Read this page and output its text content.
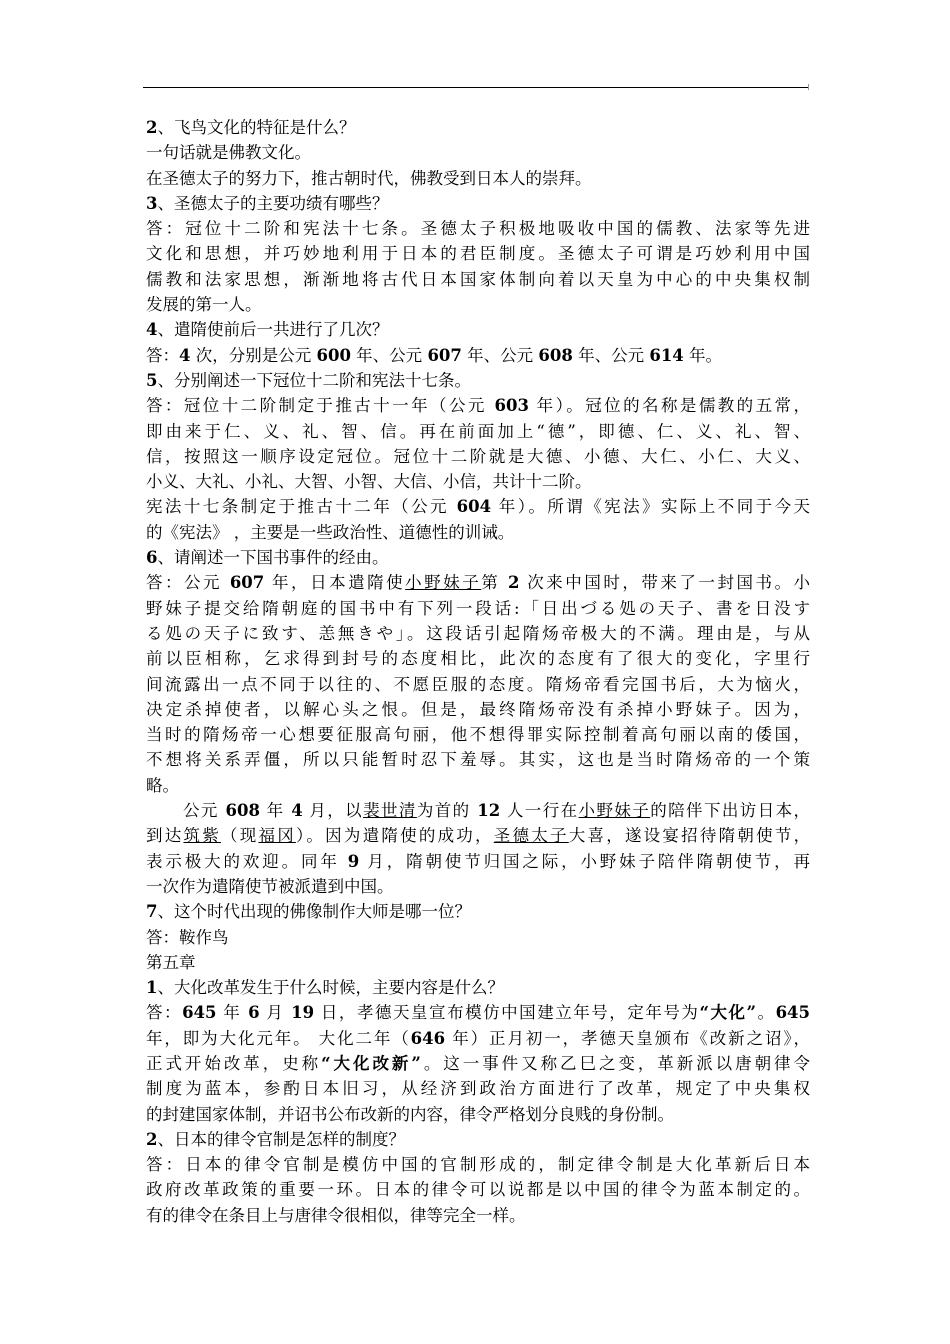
2、飞鸟文化的特征是什么？
一句话就是佛教文化。
在圣德太子的努力下，推古朝时代，佛教受到日本人的崇拜。
3、圣德太子的主要功绩有哪些？
答：冠位十二阶和宪法十七条。圣德太子积极地吸收中国的儒教、法家等先进
文化和思想，并巧妙地利用于日本的君臣制度。圣德太子可谓是巧妙利用中国
儒教和法家思想，渐渐地将古代日本国家体制向着以天皇为中心的中央集权制
发展的第一人。
4、遣隋使前后一共进行了几次？
答：4 次，分别是公元 600 年、公元 607 年、公元 608 年、公元 614 年。
5、分别阐述一下冠位十二阶和宪法十七条。
答：冠位十二阶制定于推古十一年（公元 603 年）。冠位的名称是儒教的五常，
即由来于仁、义、礼、智、信。再在前面加上“德”，即德、仁、义、礼、智、
信，按照这一顺序设定冠位。冠位十二阶就是大德、小德、大仁、小仁、大义、
小义、大礼、小礼、大智、小智、大信、小信，共计十二阶。
宪法十七条制定于推古十二年（公元 604 年）。所谓《宪法》实际上不同于今天
的《宪法》 ，主要是一些政治性、道德性的训诫。
6、请阐述一下国书事件的经由。
答：公元 607 年，日本遣隋使小野妹子第 2 次来中国时，带来了一封国书。小
野妹子提交给隋朝庭的国书中有下列一段话:「日出づる処の天子、書を日没す
る処の天子に致す、恙無きや」。这段话引起隋炀帝极大的不满。理由是，与从
前以臣相称，乞求得到封号的态度相比，此次的态度有了很大的变化，字里行
间流露出一点不同于以往的、不愿臣服的态度。隋炀帝看完国书后，大为恼火，
决定杀掉使者，以解心头之恨。但是，最终隋炀帝没有杀掉小野妹子。因为，
当时的隋炀帝一心想要征服高句丽，他不想得罪实际控制着高句丽以南的倭国，
不想将关系弄僵，所以只能暂时忍下羞辱。其实，这也是当时隋炀帝的一个策
略。
公元 608 年 4 月，以裴世清为首的 12 人一行在小野妹子的陪伴下出访日本，
到达筑紫（现福冈）。因为遣隋使的成功，圣德太子大喜，遂设宴招待隋朝使节，
表示极大的欢迎。同年 9 月，隋朝使节归国之际，小野妹子陪伴隋朝使节，再
一次作为遣隋使节被派遣到中国。
7、这个时代出现的佛像制作大师是哪一位？
答：鞍作鸟
第五章
1、大化改革发生于什么时候，主要内容是什么？
答：645 年 6 月 19 日，孝德天皇宣布模仿中国建立年号，定年号为“大化”。645
年，即为大化元年。 大化二年（646 年）正月初一，孝德天皇颁布《改新之诏》，
正式开始改革，史称“大化改新”。这一事件又称乙巳之变，革新派以唐朝律令
制度为蓝本，参酌日本旧习，从经济到政治方面进行了改革，规定了中央集权
的封建国家体制，并诏书公布改新的内容，律令严格划分良贱的身份制。
2、日本的律令官制是怎样的制度？
答：日本的律令官制是模仿中国的官制形成的，制定律令制是大化革新后日本
政府改革政策的重要一环。日本的律令可以说都是以中国的律令为蓝本制定的。
有的律令在条目上与唐律令很相似，律等完全一样。
